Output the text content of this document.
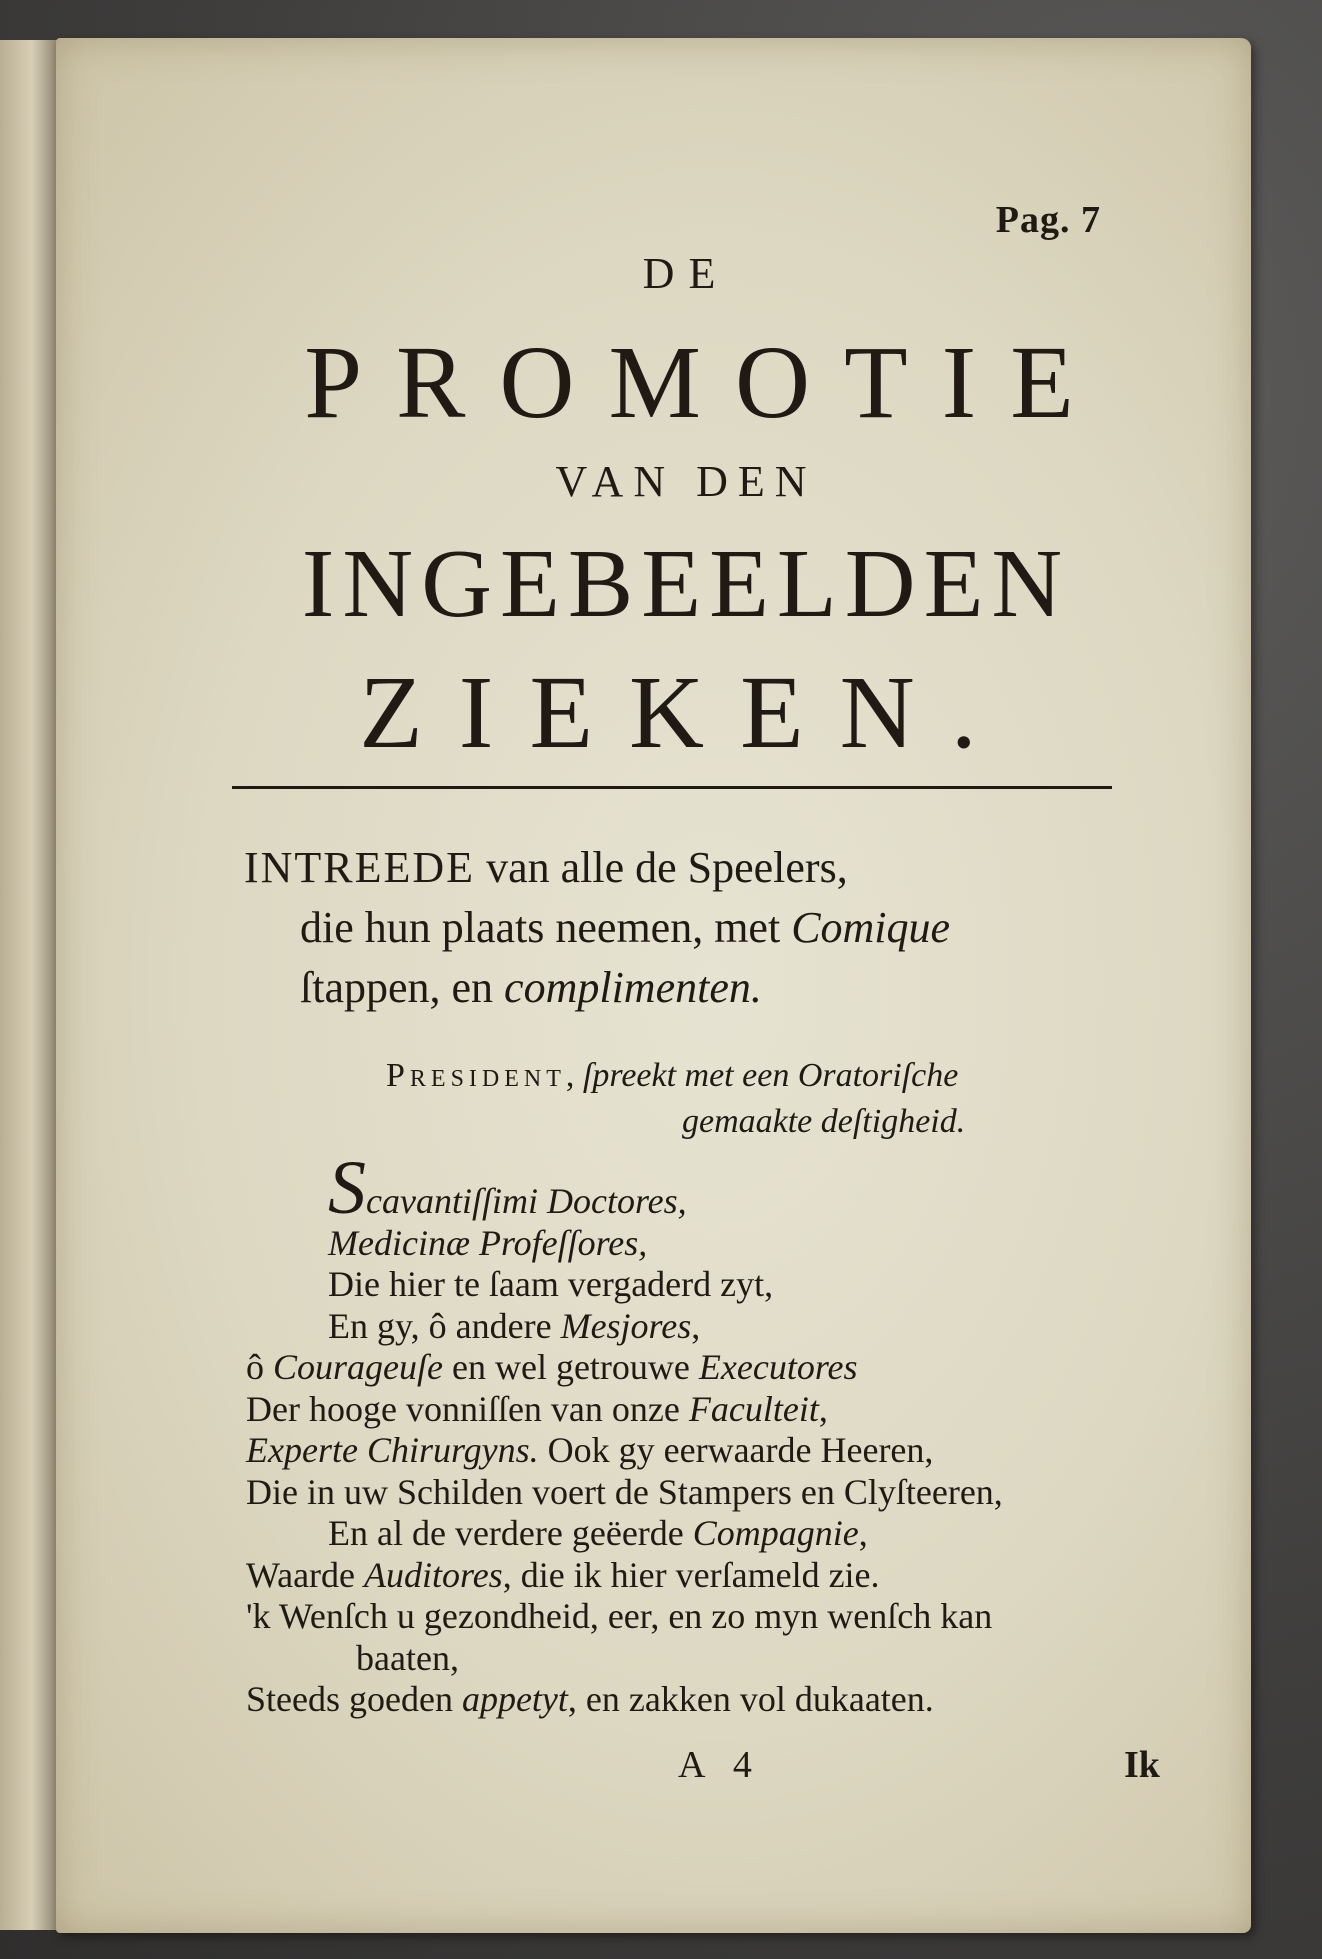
Pag. 7
DE
PROMOTIE
VAN DEN
INGEBEELDEN
ZIEKEN.
INTREEDE van alle de Speelers,
die hun plaats neemen, met Comique
ſtappen, en complimenten.
President, ſpreekt met een Oratoriſche
gemaakte deſtigheid.
Scavantiſſimi Doctores,
Medicinæ Profeſſores,
Die hier te ſaam vergaderd zyt,
En gy, ô andere Mesjores,
ô Courageuſe en wel getrouwe Executores
Der hooge vonniſſen van onze Faculteit,
Experte Chirurgyns. Ook gy eerwaarde Heeren,
Die in uw Schilden voert de Stampers en Clyſteeren,
En al de verdere geëerde Compagnie,
Waarde Auditores, die ik hier verſameld zie.
'k Wenſch u gezondheid, eer, en zo myn wenſch kan
baaten,
Steeds goeden appetyt, en zakken vol dukaaten.
A 4	Ik
